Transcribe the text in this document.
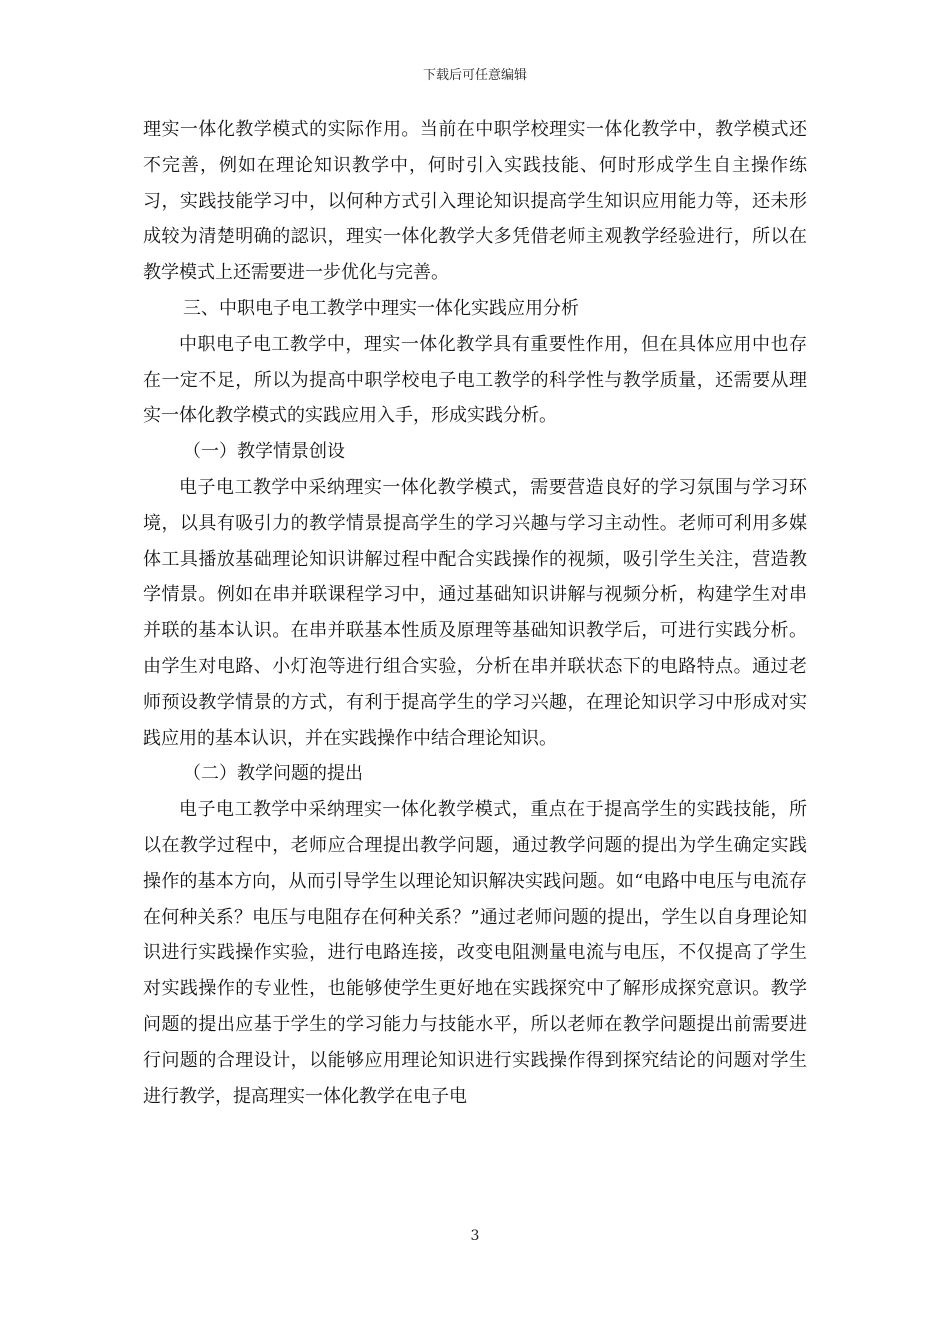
下载后可任意编辑

理实一体化教学模式的实际作用。当前在中职学校理实一体化教学中，教学模式还不完善，例如在理论知识教学中，何时引入实践技能、何时形成学生自主操作练习，实践技能学习中，以何种方式引入理论知识提高学生知识应用能力等，还未形成较为清楚明确的認识，理实一体化教学大多凭借老师主观教学经验进行，所以在教学模式上还需要进一步优化与完善。

三、中职电子电工教学中理实一体化实践应用分析

中职电子电工教学中，理实一体化教学具有重要性作用，但在具体应用中也存在一定不足，所以为提高中职学校电子电工教学的科学性与教学质量，还需要从理实一体化教学模式的实践应用入手，形成实践分析。

（一）教学情景创设

电子电工教学中采纳理实一体化教学模式，需要营造良好的学习氛围与学习环境，以具有吸引力的教学情景提高学生的学习兴趣与学习主动性。老师可利用多媒体工具播放基础理论知识讲解过程中配合实践操作的视频，吸引学生关注，营造教学情景。例如在串并联课程学习中，通过基础知识讲解与视频分析，构建学生对串并联的基本认识。在串并联基本性质及原理等基础知识教学后，可进行实践分析。由学生对电路、小灯泡等进行组合实验，分析在串并联状态下的电路特点。通过老师预设教学情景的方式，有利于提高学生的学习兴趣，在理论知识学习中形成对实践应用的基本认识，并在实践操作中结合理论知识。

（二）教学问题的提出

电子电工教学中采纳理实一体化教学模式，重点在于提高学生的实践技能，所以在教学过程中，老师应合理提出教学问题，通过教学问题的提出为学生确定实践操作的基本方向，从而引导学生以理论知识解决实践问题。如“电路中电压与电流存在何种关系？电压与电阻存在何种关系？”通过老师问题的提出，学生以自身理论知识进行实践操作实验，进行电路连接，改变电阻测量电流与电压，不仅提高了学生对实践操作的专业性，也能够使学生更好地在实践探究中了解形成探究意识。教学问题的提出应基于学生的学习能力与技能水平，所以老师在教学问题提出前需要进行问题的合理设计，以能够应用理论知识进行实践操作得到探究结论的问题对学生进行教学，提高理实一体化教学在电子电

3
